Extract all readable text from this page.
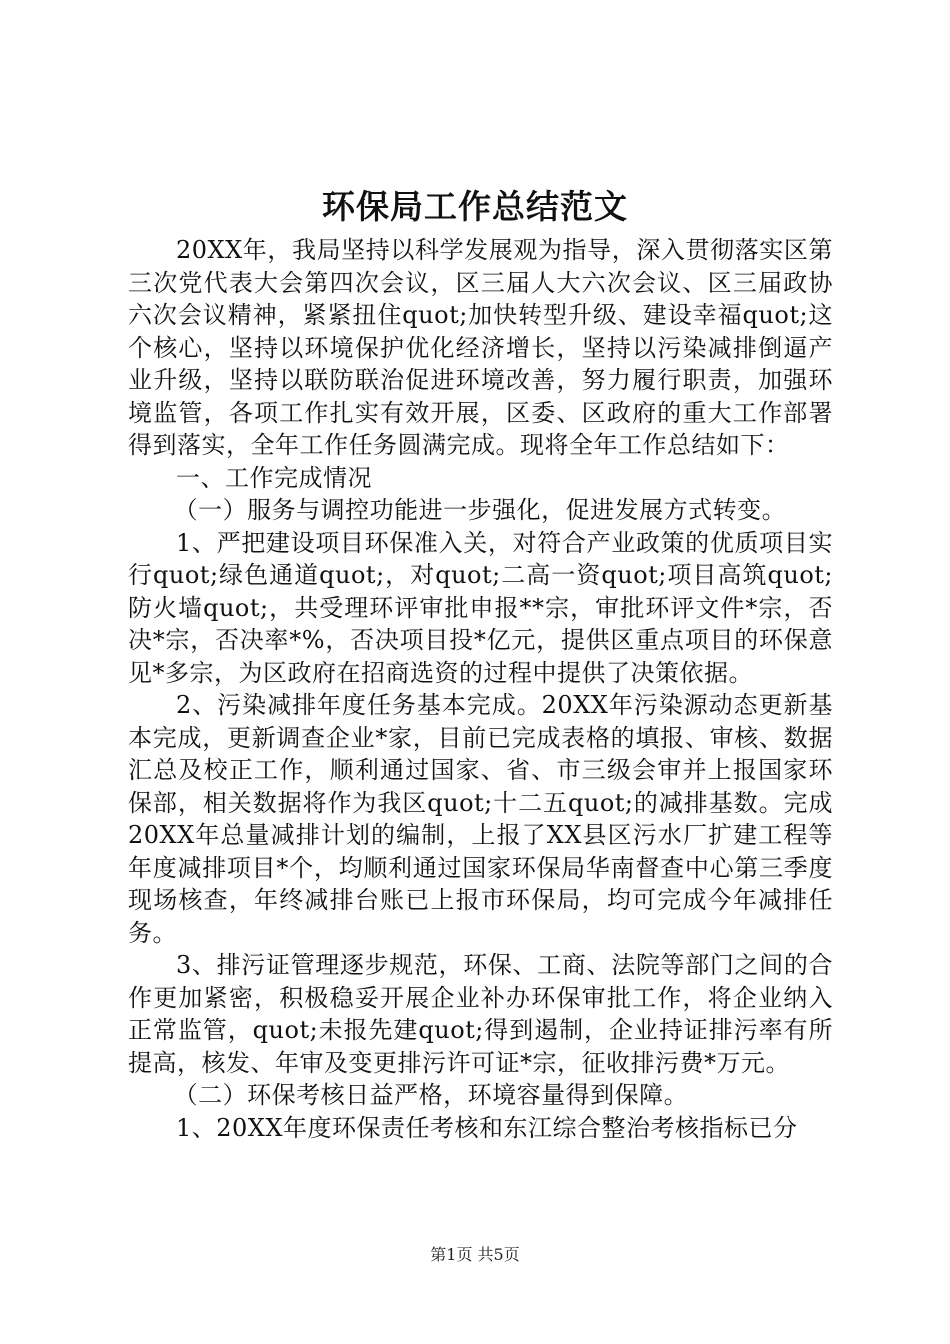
环保局工作总结范文

20XX年，我局坚持以科学发展观为指导，深入贯彻落实区第三次党代表大会第四次会议，区三届人大六次会议、区三届政协六次会议精神，紧紧扭住quot;加快转型升级、建设幸福quot;这个核心，坚持以环境保护优化经济增长，坚持以污染减排倒逼产业升级，坚持以联防联治促进环境改善，努力履行职责，加强环境监管，各项工作扎实有效开展，区委、区政府的重大工作部署得到落实，全年工作任务圆满完成。现将全年工作总结如下：

一、工作完成情况

（一）服务与调控功能进一步强化，促进发展方式转变。

1、严把建设项目环保准入关，对符合产业政策的优质项目实行quot;绿色通道quot;，对quot;二高一资quot;项目高筑quot;防火墙quot;，共受理环评审批申报**宗，审批环评文件*宗，否决*宗，否决率*%，否决项目投*亿元，提供区重点项目的环保意见*多宗，为区政府在招商选资的过程中提供了决策依据。

2、污染减排年度任务基本完成。20XX年污染源动态更新基本完成，更新调查企业*家，目前已完成表格的填报、审核、数据汇总及校正工作，顺利通过国家、省、市三级会审并上报国家环保部，相关数据将作为我区quot;十二五quot;的减排基数。完成20XX年总量减排计划的编制，上报了XX县区污水厂扩建工程等年度减排项目*个，均顺利通过国家环保局华南督查中心第三季度现场核查，年终减排台账已上报市环保局，均可完成今年减排任务。

3、排污证管理逐步规范，环保、工商、法院等部门之间的合作更加紧密，积极稳妥开展企业补办环保审批工作，将企业纳入正常监管，quot;未报先建quot;得到遏制，企业持证排污率有所提高，核发、年审及变更排污许可证*宗，征收排污费*万元。

（二）环保考核日益严格，环境容量得到保障。

1、20XX年度环保责任考核和东江综合整治考核指标已分

第1页 共5页
